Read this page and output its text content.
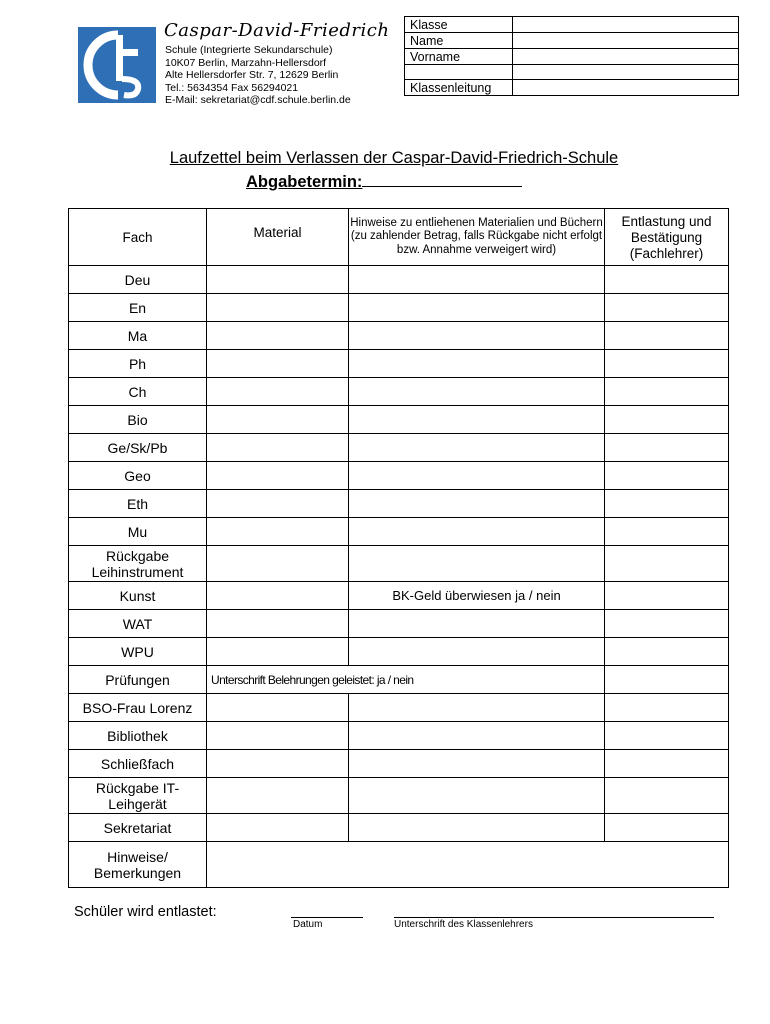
Caspar-David-Friedrich
Schule (Integrierte Sekundarschule)
10K07 Berlin, Marzahn-Hellersdorf
Alte Hellersdorfer Str. 7, 12629 Berlin
Tel.: 5634354 Fax 56294021
E-Mail: sekretariat@cdf.schule.berlin.de
Klasse	
Name	
Vorname	

Klassenleitung	
Laufzettel beim Verlassen der Caspar-David-Friedrich-Schule
Abgabetermin:
Fach	Material	Hinweise zu entliehenen Materialien und Büchern (zu zahlender Betrag, falls Rückgabe nicht erfolgt bzw. Annahme verweigert wird)	Entlastung und Bestätigung (Fachlehrer)
Deu			
En			
Ma			
Ph			
Ch			
Bio			
Ge/Sk/Pb			
Geo			
Eth			
Mu			
Rückgabe Leihinstrument			
Kunst		BK-Geld überwiesen ja / nein	
WAT			
WPU			
Prüfungen	Unterschrift Belehrungen geleistet: ja / nein		
BSO-Frau Lorenz			
Bibliothek			
Schließfach			
Rückgabe IT-Leihgerät			
Sekretariat			
Hinweise/ Bemerkungen			
Schüler wird entlastet:
Datum	Unterschrift des Klassenlehrers
